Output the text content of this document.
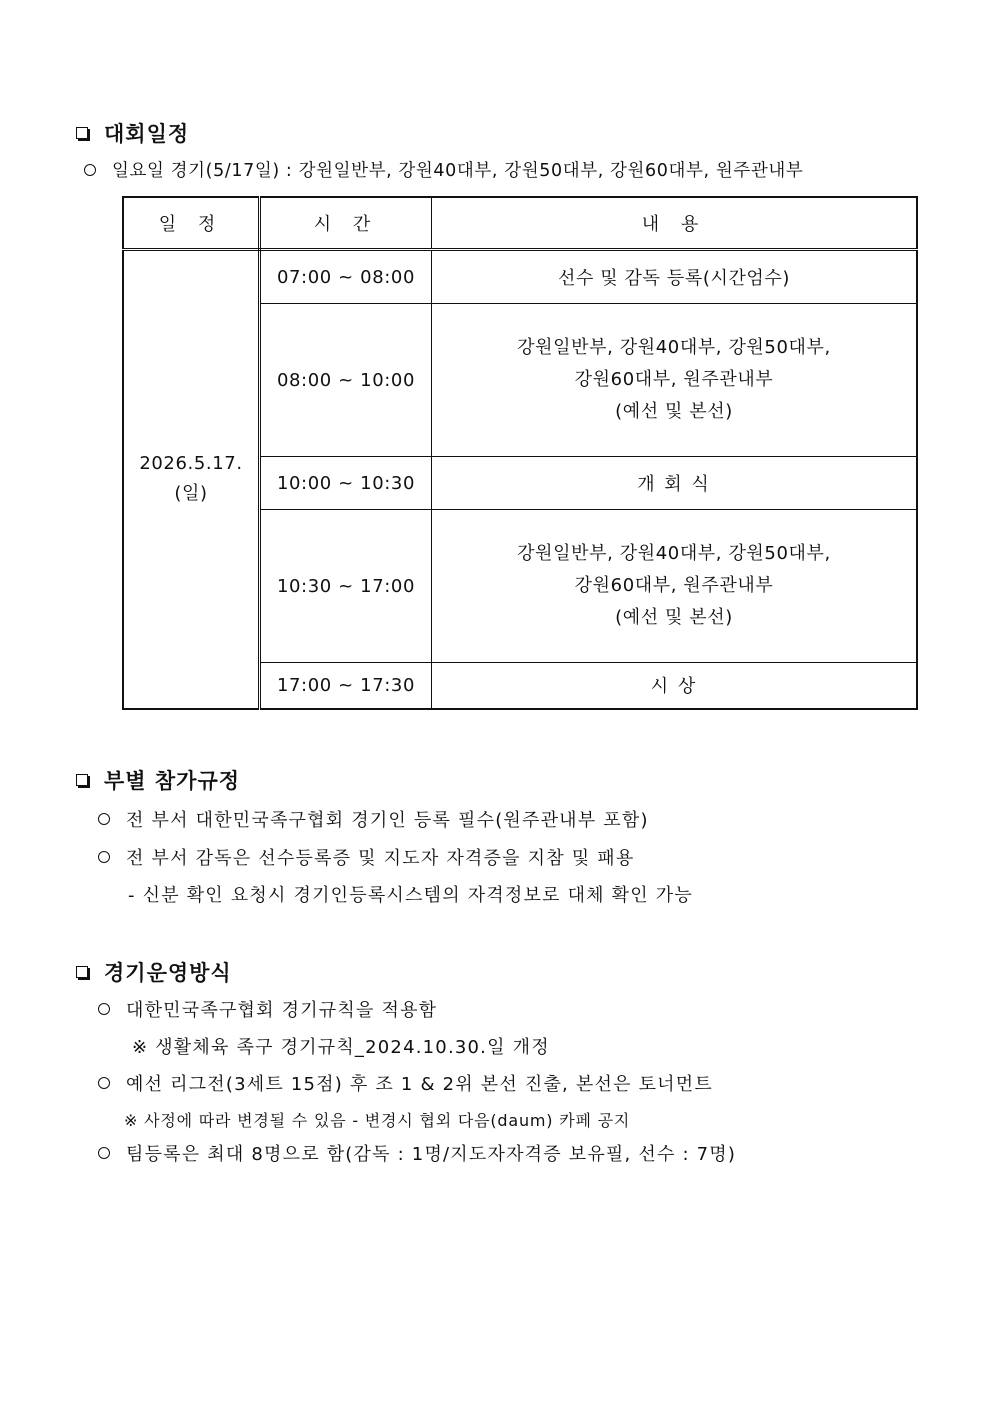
대회일정
일요일 경기(5/17일) : 강원일반부, 강원40대부, 강원50대부, 강원60대부, 원주관내부
일 정	시 간	내 용

2026.5.17.
(일)	07:00 ~ 08:00	선수 및 감독 등록(시간엄수)
	08:00 ~ 10:00	강원일반부, 강원40대부, 강원50대부,
강원60대부, 원주관내부
(예선 및 본선)

	10:00 ~ 10:30	개 회 식
	10:30 ~ 17:00	강원일반부, 강원40대부, 강원50대부,
강원60대부, 원주관내부
(예선 및 본선)

	17:00 ~ 17:30	시 상
부별 참가규정
전 부서 대한민국족구협회 경기인 등록 필수(원주관내부 포함)
전 부서 감독은 선수등록증 및 지도자 자격증을 지참 및 패용
- 신분 확인 요청시 경기인등록시스템의 자격정보로 대체 확인 가능
경기운영방식
대한민국족구협회 경기규칙을 적용함
※ 생활체육 족구 경기규칙_2024.10.30.일 개정
예선 리그전(3세트 15점) 후 조 1 & 2위 본선 진출, 본선은 토너먼트
※ 사정에 따라 변경될 수 있음 - 변경시 협외 다음(daum) 카페 공지
팀등록은 최대 8명으로 함(감독 : 1명/지도자자격증 보유필, 선수 : 7명)
